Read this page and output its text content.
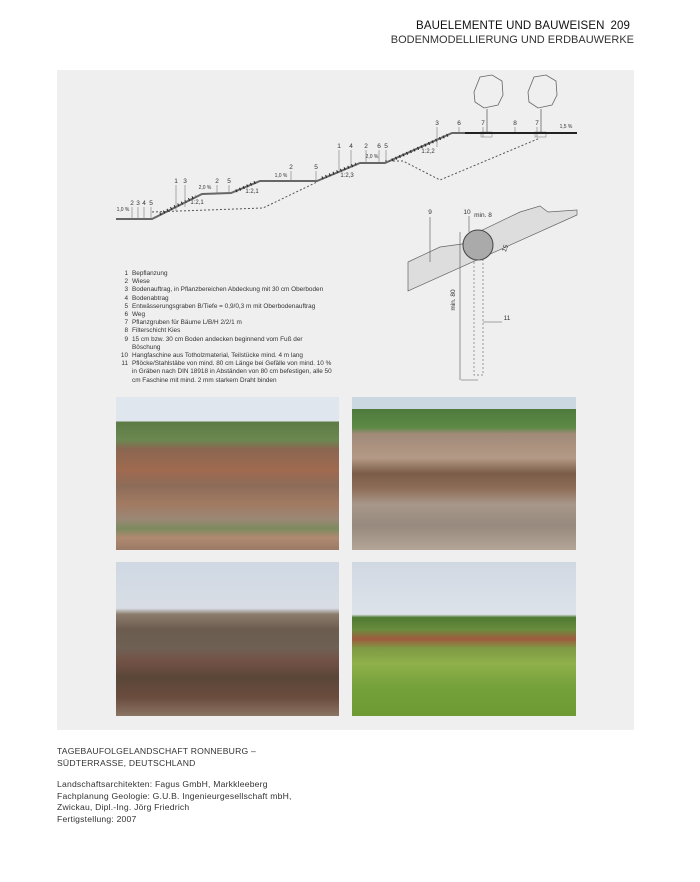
BAUELEMENTE UND BAUWEISEN 209
BODENMODELLIERUNG UND ERDBAUWERKE
1,0 %
2 3 4 5
1 3
2,0 %
2 5
1:2,1
1:2,1
1,0 %
2	5
1:2,3
1 4 2 6 5
2,0 %
3
1:2,2
6	7	8	7	1,5 %
9	10 min. 8
15
min. 80
11
1 Bepflanzung
2 Wiese
3 Bodenauftrag, in Pflanzbereichen Abdeckung mit 30 cm Oberboden
4 Bodenabtrag
5 Entwässerungsgraben B/Tiefe = 0,9/0,3 m mit Oberbodenauftrag
6 Weg
7 Pflanzgruben für Bäume L/B/H 2/2/1 m
8 Filterschicht Kies
9 15 cm bzw. 30 cm Boden andecken beginnend vom Fuß der Böschung
10 Hangfaschine aus Totholzmaterial, Teilstücke mind. 4 m lang
11 Pflöcke/Stahlstäbe von mind. 80 cm Länge bei Gefälle von mind. 10 % in Gräben nach DIN 18918 in Abständen von 80 cm befestigen, alle 50 cm Faschine mit mind. 2 mm starkem Draht binden
TAGEBAUFOLGELANDSCHAFT RONNEBURG –
SÜDTERRASSE, DEUTSCHLAND
Landschaftsarchitekten: Fagus GmbH, Markkleeberg
Fachplanung Geologie: G.U.B. Ingenieurgesellschaft mbH,
Zwickau, Dipl.-Ing. Jörg Friedrich
Fertigstellung: 2007
